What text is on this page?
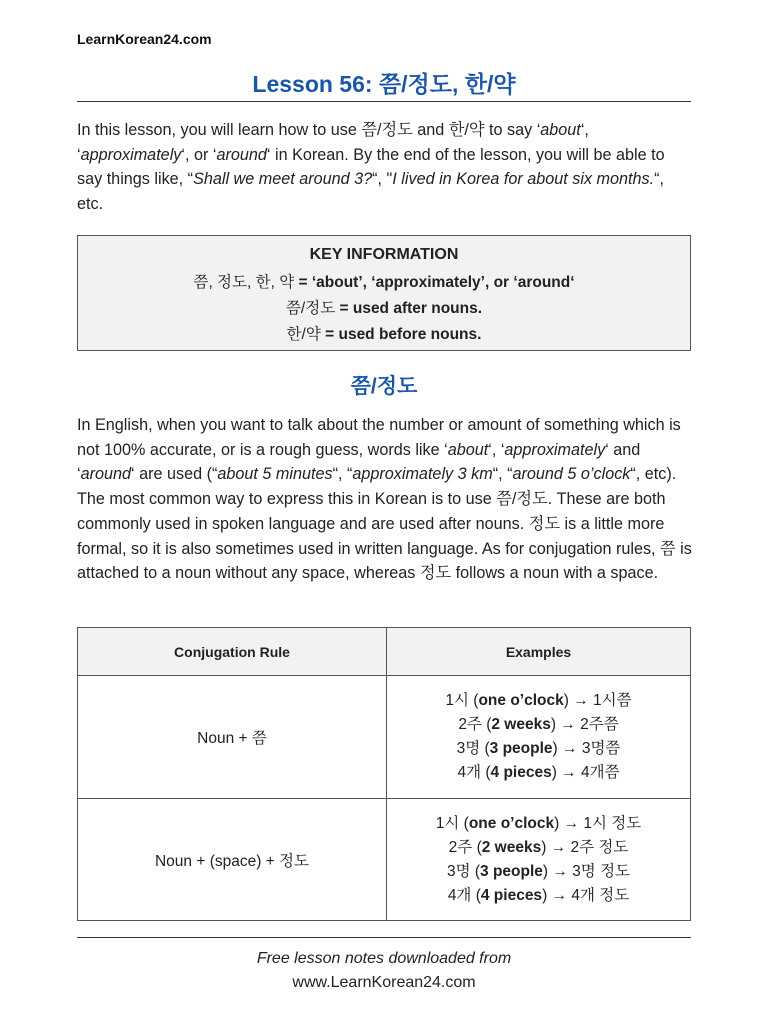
LearnKorean24.com
Lesson 56: 쯤/정도, 한/약

In this lesson, you will learn how to use 쯤/정도 and 한/약 to say ‘about‘, ‘approximately‘, or ‘around‘ in Korean. By the end of the lesson, you will be able to say things like, “Shall we meet around 3?“, "I lived in Korea for about six months.“, etc.

KEY INFORMATION
쯤, 정도, 한, 약 = ‘about’, ‘approximately’, or ‘around‘
쯤/정도 = used after nouns.
한/약 = used before nouns.
쯤/정도

In English, when you want to talk about the number or amount of something which is not 100% accurate, or is a rough guess, words like ‘about‘, ‘approximately‘ and ‘around‘ are used (“about 5 minutes“, “approximately 3 km“, “around 5 o’clock“, etc). The most common way to express this in Korean is to use 쯤/정도. These are both commonly used in spoken language and are used after nouns. 정도 is a little more formal, so it is also sometimes used in written language. As for conjugation rules, 쯤 is attached to a noun without any space, whereas 정도 follows a noun with a space.

Conjugation Rule	Examples
Noun + 쯤	1시 (one o’clock) → 1시쯤
2주 (2 weeks) → 2주쯤
3명 (3 people) → 3명쯤
4개 (4 pieces) → 4개쯤

Noun + (space) + 정도	1시 (one o’clock) → 1시 정도
2주 (2 weeks) → 2주 정도
3명 (3 people) → 3명 정도
4개 (4 pieces) → 4개 정도
Free lesson notes downloaded from
www.LearnKorean24.com
